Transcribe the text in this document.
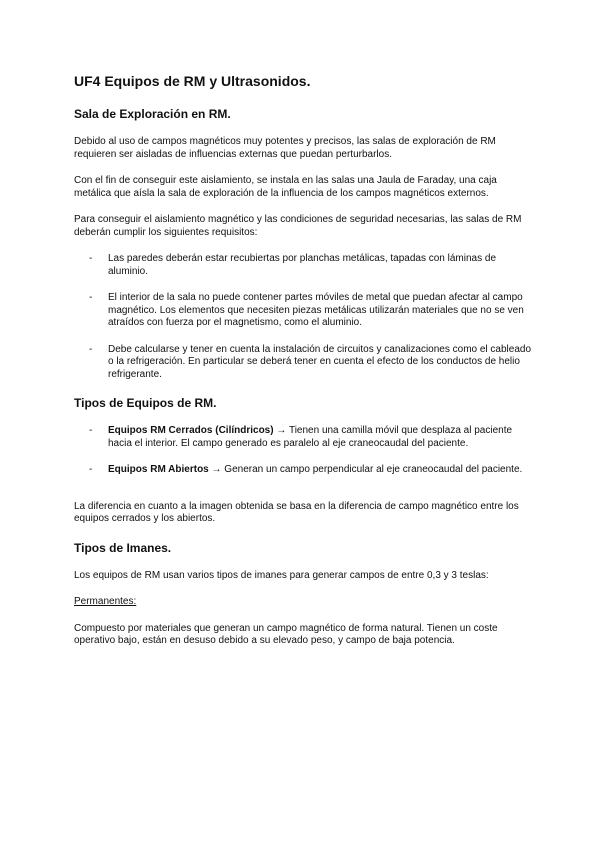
UF4 Equipos de RM y Ultrasonidos.
Sala de Exploración en RM.

Debido al uso de campos magnéticos muy potentes y precisos, las salas de exploración de RM requieren ser aisladas de influencias externas que puedan perturbarlos.

Con el fin de conseguir este aislamiento, se instala en las salas una Jaula de Faraday, una caja metálica que aísla la sala de exploración de la influencia de los campos magnéticos externos.

Para conseguir el aislamiento magnético y las condiciones de seguridad necesarias, las salas de RM deberán cumplir los siguientes requisitos:

- Las paredes deberán estar recubiertas por planchas metálicas, tapadas con láminas de aluminio.
- El interior de la sala no puede contener partes móviles de metal que puedan afectar al campo magnético. Los elementos que necesiten piezas metálicas utilizarán materiales que no se ven atraídos con fuerza por el magnetismo, como el aluminio.
- Debe calcularse y tener en cuenta la instalación de circuitos y canalizaciones como el cableado o la refrigeración. En particular se deberá tener en cuenta el efecto de los conductos de helio refrigerante.
Tipos de Equipos de RM.
- Equipos RM Cerrados (Cilíndricos) → Tienen una camilla móvil que desplaza al paciente hacia el interior. El campo generado es paralelo al eje craneocaudal del paciente.
- Equipos RM Abiertos → Generan un campo perpendicular al eje craneocaudal del paciente.

La diferencia en cuanto a la imagen obtenida se basa en la diferencia de campo magnético entre los equipos cerrados y los abiertos.

Tipos de Imanes.

Los equipos de RM usan varios tipos de imanes para generar campos de entre 0,3 y 3 teslas:

Permanentes:

Compuesto por materiales que generan un campo magnético de forma natural. Tienen un coste operativo bajo, están en desuso debido a su elevado peso, y campo de baja potencia.
